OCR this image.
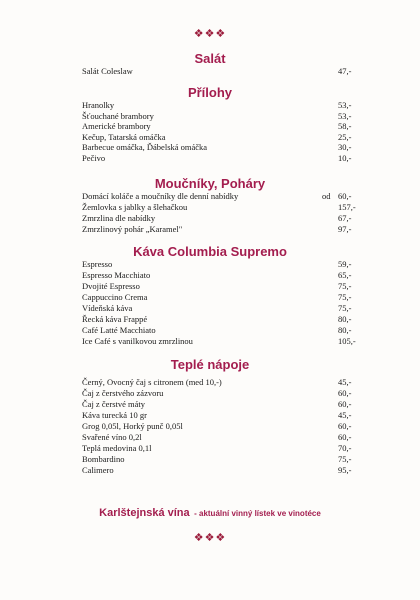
❖❖❖
❖❖❖
Karlštejnská vína - aktuální vinný lístek ve vinotéce
Salát
Salát Coleslaw	47,-
Přílohy
Hranolky	53,-
Šťouchané brambory	53,-
Americké brambory	58,-
Kečup, Tatarská omáčka	25,-
Barbecue omáčka, Ďábelská omáčka	30,-
Pečivo	10,-
Moučníky, Poháry
Domácí koláče a moučníky dle denní nabídky	od 60,-
Žemlovka s jablky a šlehačkou	157,-
Zmrzlina dle nabídky	67,-
Zmrzlinový pohár „Karamel"	97,-
Káva Columbia Supremo
Espresso	59,-
Espresso Macchiato	65,-
Dvojité Espresso	75,-
Cappuccino Crema	75,-
Vídeňská káva	75,-
Řecká káva Frappé	80,-
Café Latté Macchiato	80,-
Ice Café s vanilkovou zmrzlinou	105,-
Teplé nápoje
Černý, Ovocný čaj s citronem (med 10,-)	45,-
Čaj z čerstvého zázvoru	60,-
Čaj z čerstvé máty	60,-
Káva turecká 10 gr	45,-
Grog 0,05l, Horký punč 0,05l	60,-
Svařené víno 0,2l	60,-
Teplá medovina 0,1l	70,-
Bombardino	75,-
Calimero	95,-
